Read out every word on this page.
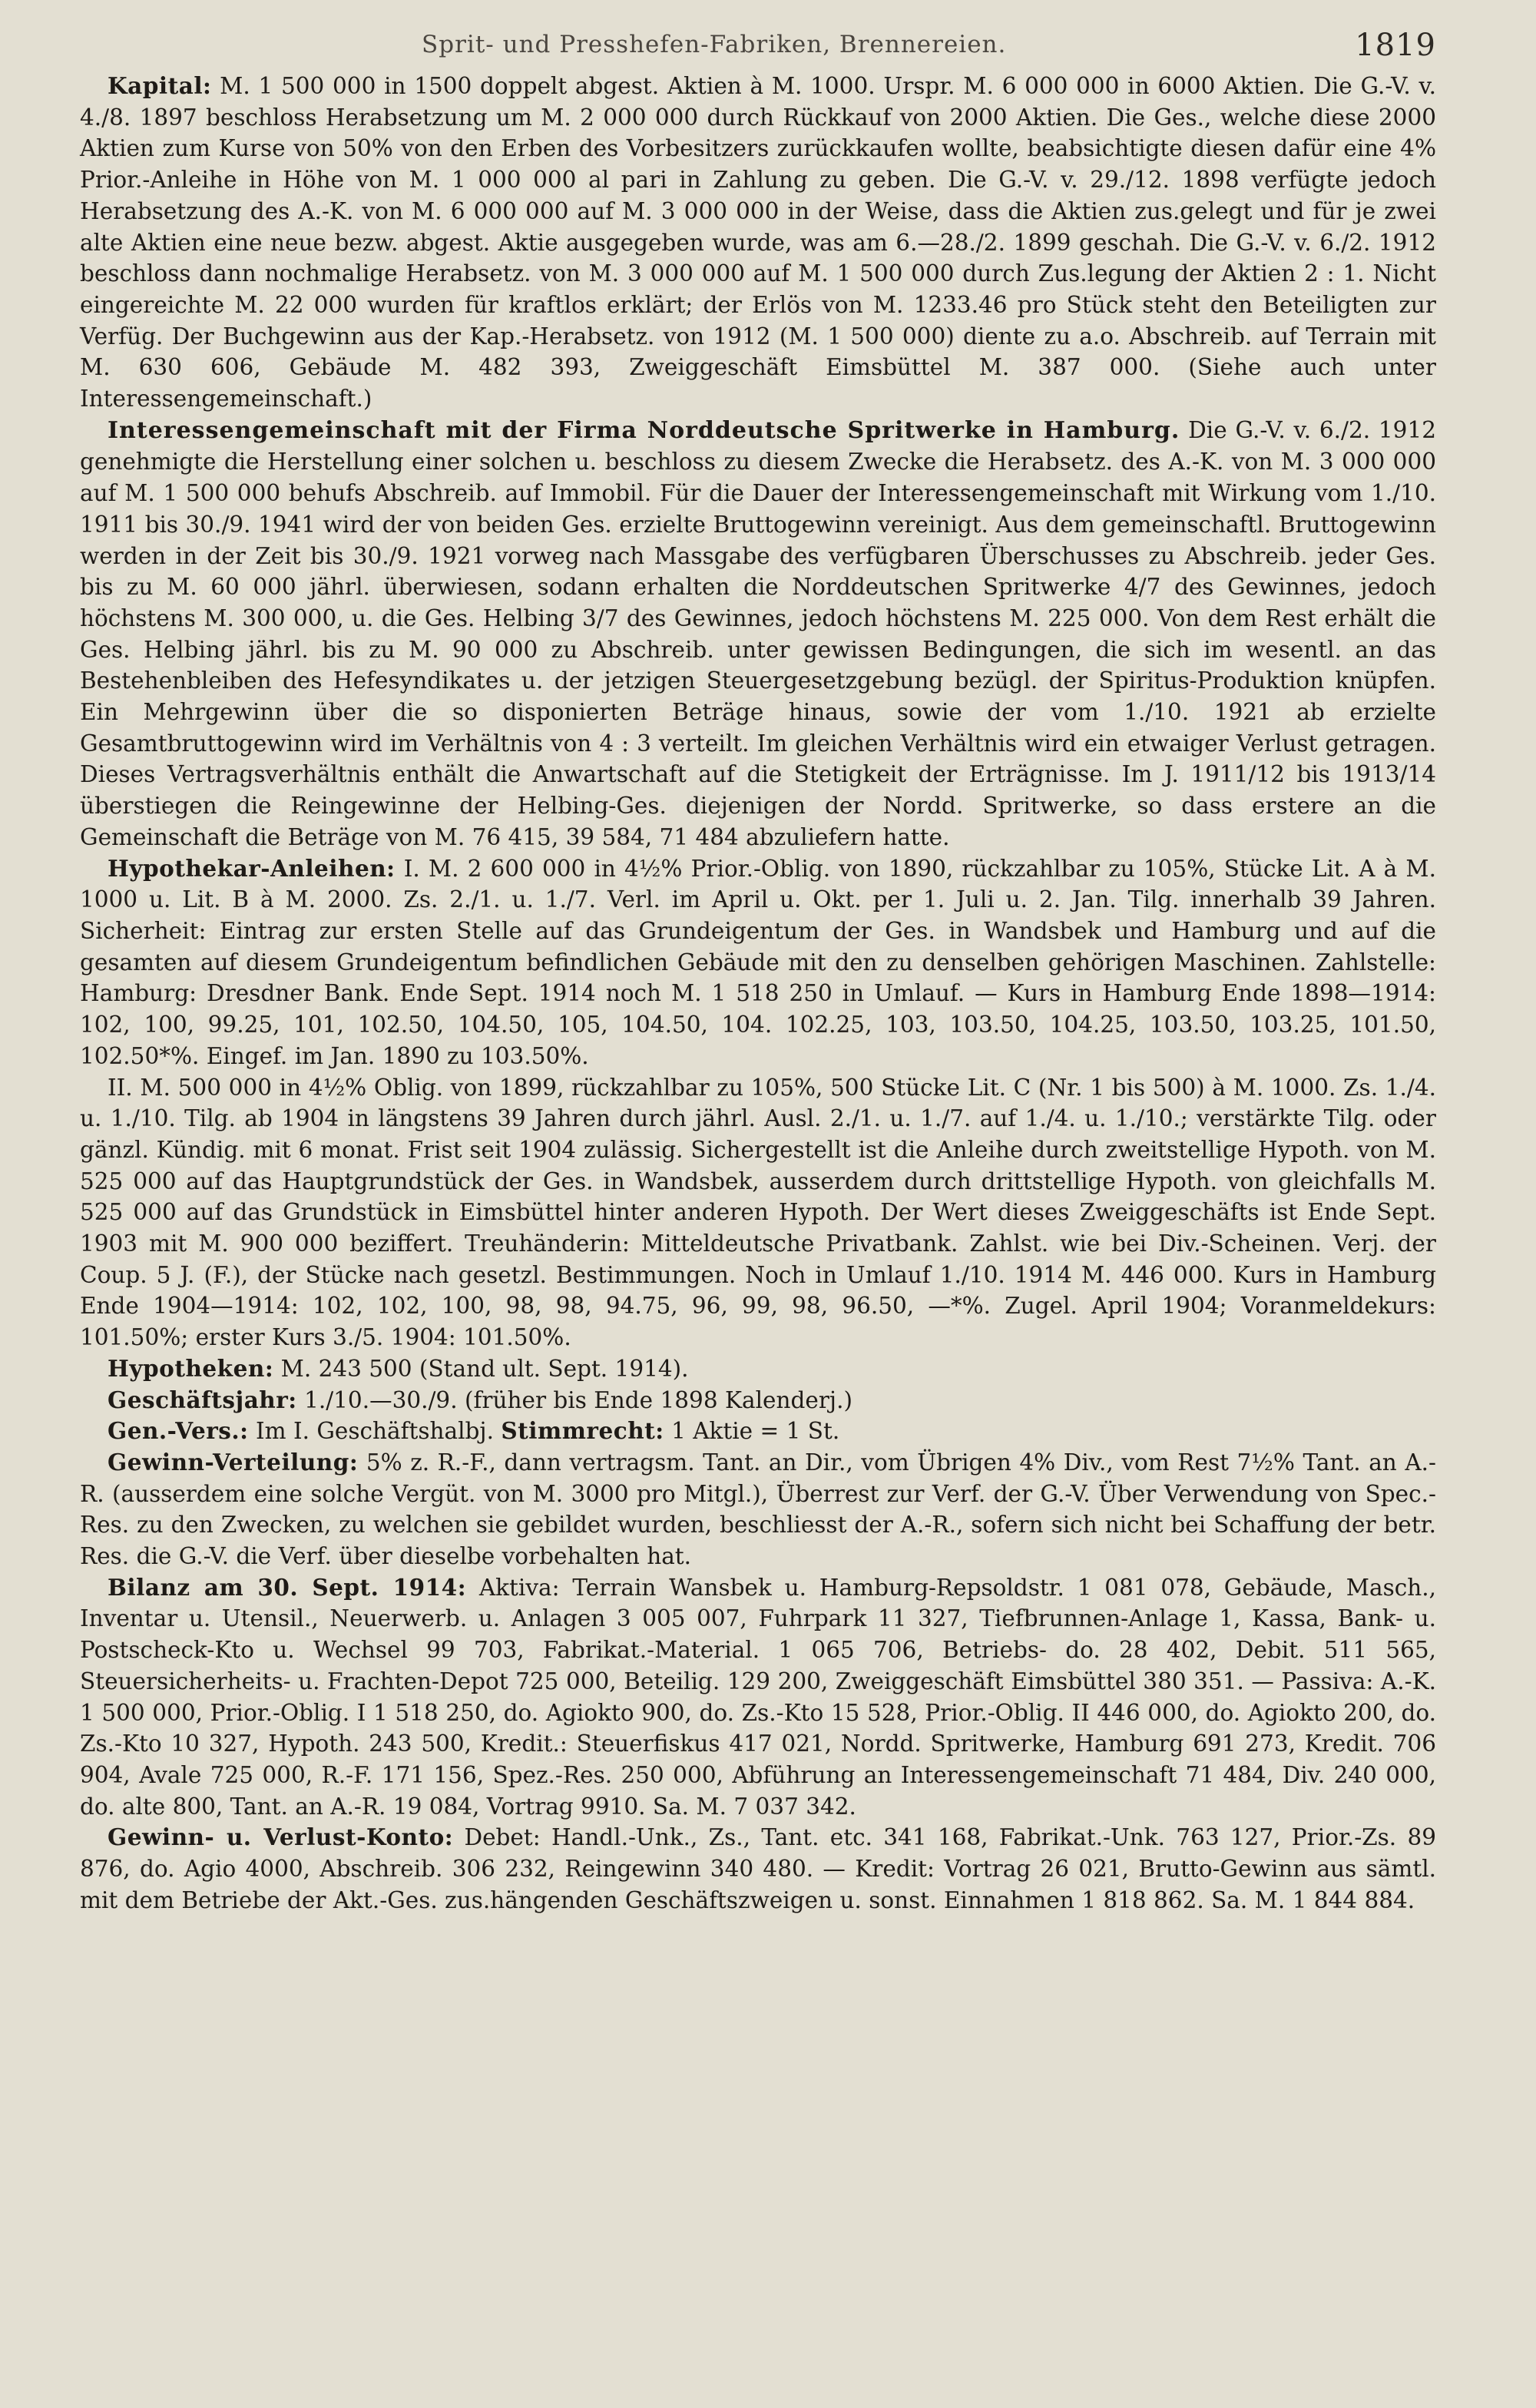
Sprit- und Presshefen-Fabriken, Brennereien.	1819

Kapital: M. 1 500 000 in 1500 doppelt abgest. Aktien à M. 1000. Urspr. M. 6 000 000 in 6000 Aktien. Die G.-V. v. 4./8. 1897 beschloss Herabsetzung um M. 2 000 000 durch Rückkauf von 2000 Aktien. Die Ges., welche diese 2000 Aktien zum Kurse von 50% von den Erben des Vorbesitzers zurückkaufen wollte, beabsichtigte diesen dafür eine 4% Prior.-Anleihe in Höhe von M. 1 000 000 al pari in Zahlung zu geben. Die G.-V. v. 29./12. 1898 verfügte jedoch Herabsetzung des A.-K. von M. 6 000 000 auf M. 3 000 000 in der Weise, dass die Aktien zus.gelegt und für je zwei alte Aktien eine neue bezw. abgest. Aktie ausgegeben wurde, was am 6.—28./2. 1899 geschah. Die G.-V. v. 6./2. 1912 beschloss dann nochmalige Herabsetz. von M. 3 000 000 auf M. 1 500 000 durch Zus.legung der Aktien 2 : 1. Nicht eingereichte M. 22 000 wurden für kraftlos erklärt; der Erlös von M. 1233.46 pro Stück steht den Beteiligten zur Verfüg. Der Buchgewinn aus der Kap.-Herabsetz. von 1912 (M. 1 500 000) diente zu a.o. Abschreib. auf Terrain mit M. 630 606, Gebäude M. 482 393, Zweiggeschäft Eimsbüttel M. 387 000. (Siehe auch unter Interessengemeinschaft.)

Interessengemeinschaft mit der Firma Norddeutsche Spritwerke in Hamburg. Die G.-V. v. 6./2. 1912 genehmigte die Herstellung einer solchen u. beschloss zu diesem Zwecke die Herabsetz. des A.-K. von M. 3 000 000 auf M. 1 500 000 behufs Abschreib. auf Immobil. Für die Dauer der Interessengemeinschaft mit Wirkung vom 1./10. 1911 bis 30./9. 1941 wird der von beiden Ges. erzielte Bruttogewinn vereinigt. Aus dem gemeinschaftl. Bruttogewinn werden in der Zeit bis 30./9. 1921 vorweg nach Massgabe des verfügbaren Überschusses zu Abschreib. jeder Ges. bis zu M. 60 000 jährl. überwiesen, sodann erhalten die Norddeutschen Spritwerke 4/7 des Gewinnes, jedoch höchstens M. 300 000, u. die Ges. Helbing 3/7 des Gewinnes, jedoch höchstens M. 225 000. Von dem Rest erhält die Ges. Helbing jährl. bis zu M. 90 000 zu Abschreib. unter gewissen Bedingungen, die sich im wesentl. an das Bestehenbleiben des Hefesyndikates u. der jetzigen Steuergesetzgebung bezügl. der Spiritus-Produktion knüpfen. Ein Mehrgewinn über die so disponierten Beträge hinaus, sowie der vom 1./10. 1921 ab erzielte Gesamtbruttogewinn wird im Verhältnis von 4 : 3 verteilt. Im gleichen Verhältnis wird ein etwaiger Verlust getragen. Dieses Vertragsverhältnis enthält die Anwartschaft auf die Stetigkeit der Erträgnisse. Im J. 1911/12 bis 1913/14 überstiegen die Reingewinne der Helbing-Ges. diejenigen der Nordd. Spritwerke, so dass erstere an die Gemeinschaft die Beträge von M. 76 415, 39 584, 71 484 abzuliefern hatte.

Hypothekar-Anleihen: I. M. 2 600 000 in 4½% Prior.-Oblig. von 1890, rückzahlbar zu 105%, Stücke Lit. A à M. 1000 u. Lit. B à M. 2000. Zs. 2./1. u. 1./7. Verl. im April u. Okt. per 1. Juli u. 2. Jan. Tilg. innerhalb 39 Jahren. Sicherheit: Eintrag zur ersten Stelle auf das Grundeigentum der Ges. in Wandsbek und Hamburg und auf die gesamten auf diesem Grundeigentum befindlichen Gebäude mit den zu denselben gehörigen Maschinen. Zahlstelle: Hamburg: Dresdner Bank. Ende Sept. 1914 noch M. 1 518 250 in Umlauf. — Kurs in Hamburg Ende 1898—1914: 102, 100, 99.25, 101, 102.50, 104.50, 105, 104.50, 104. 102.25, 103, 103.50, 104.25, 103.50, 103.25, 101.50, 102.50*%. Eingef. im Jan. 1890 zu 103.50%.

II. M. 500 000 in 4½% Oblig. von 1899, rückzahlbar zu 105%, 500 Stücke Lit. C (Nr. 1 bis 500) à M. 1000. Zs. 1./4. u. 1./10. Tilg. ab 1904 in längstens 39 Jahren durch jährl. Ausl. 2./1. u. 1./7. auf 1./4. u. 1./10.; verstärkte Tilg. oder gänzl. Kündig. mit 6 monat. Frist seit 1904 zulässig. Sichergestellt ist die Anleihe durch zweitstellige Hypoth. von M. 525 000 auf das Hauptgrundstück der Ges. in Wandsbek, ausserdem durch drittstellige Hypoth. von gleichfalls M. 525 000 auf das Grundstück in Eimsbüttel hinter anderen Hypoth. Der Wert dieses Zweiggeschäfts ist Ende Sept. 1903 mit M. 900 000 beziffert. Treuhänderin: Mitteldeutsche Privatbank. Zahlst. wie bei Div.-Scheinen. Verj. der Coup. 5 J. (F.), der Stücke nach gesetzl. Bestimmungen. Noch in Umlauf 1./10. 1914 M. 446 000. Kurs in Hamburg Ende 1904—1914: 102, 102, 100, 98, 98, 94.75, 96, 99, 98, 96.50, —*%. Zugel. April 1904; Voranmeldekurs: 101.50%; erster Kurs 3./5. 1904: 101.50%.

Hypotheken: M. 243 500 (Stand ult. Sept. 1914).

Geschäftsjahr: 1./10.—30./9. (früher bis Ende 1898 Kalenderj.)

Gen.-Vers.: Im I. Geschäftshalbj. Stimmrecht: 1 Aktie = 1 St.

Gewinn-Verteilung: 5% z. R.-F., dann vertragsm. Tant. an Dir., vom Übrigen 4% Div., vom Rest 7½% Tant. an A.-R. (ausserdem eine solche Vergüt. von M. 3000 pro Mitgl.), Überrest zur Verf. der G.-V. Über Verwendung von Spec.-Res. zu den Zwecken, zu welchen sie gebildet wurden, beschliesst der A.-R., sofern sich nicht bei Schaffung der betr. Res. die G.-V. die Verf. über dieselbe vorbehalten hat.

Bilanz am 30. Sept. 1914: Aktiva: Terrain Wansbek u. Hamburg-Repsoldstr. 1 081 078, Gebäude, Masch., Inventar u. Utensil., Neuerwerb. u. Anlagen 3 005 007, Fuhrpark 11 327, Tiefbrunnen-Anlage 1, Kassa, Bank- u. Postscheck-Kto u. Wechsel 99 703, Fabrikat.-Material. 1 065 706, Betriebs- do. 28 402, Debit. 511 565, Steuersicherheits- u. Frachten-Depot 725 000, Beteilig. 129 200, Zweiggeschäft Eimsbüttel 380 351. — Passiva: A.-K. 1 500 000, Prior.-Oblig. I 1 518 250, do. Agiokto 900, do. Zs.-Kto 15 528, Prior.-Oblig. II 446 000, do. Agiokto 200, do. Zs.-Kto 10 327, Hypoth. 243 500, Kredit.: Steuerfiskus 417 021, Nordd. Spritwerke, Hamburg 691 273, Kredit. 706 904, Avale 725 000, R.-F. 171 156, Spez.-Res. 250 000, Abführung an Interessengemeinschaft 71 484, Div. 240 000, do. alte 800, Tant. an A.-R. 19 084, Vortrag 9910. Sa. M. 7 037 342.

Gewinn- u. Verlust-Konto: Debet: Handl.-Unk., Zs., Tant. etc. 341 168, Fabrikat.-Unk. 763 127, Prior.-Zs. 89 876, do. Agio 4000, Abschreib. 306 232, Reingewinn 340 480. — Kredit: Vortrag 26 021, Brutto-Gewinn aus sämtl. mit dem Betriebe der Akt.-Ges. zus.hängenden Geschäftszweigen u. sonst. Einnahmen 1 818 862. Sa. M. 1 844 884.
